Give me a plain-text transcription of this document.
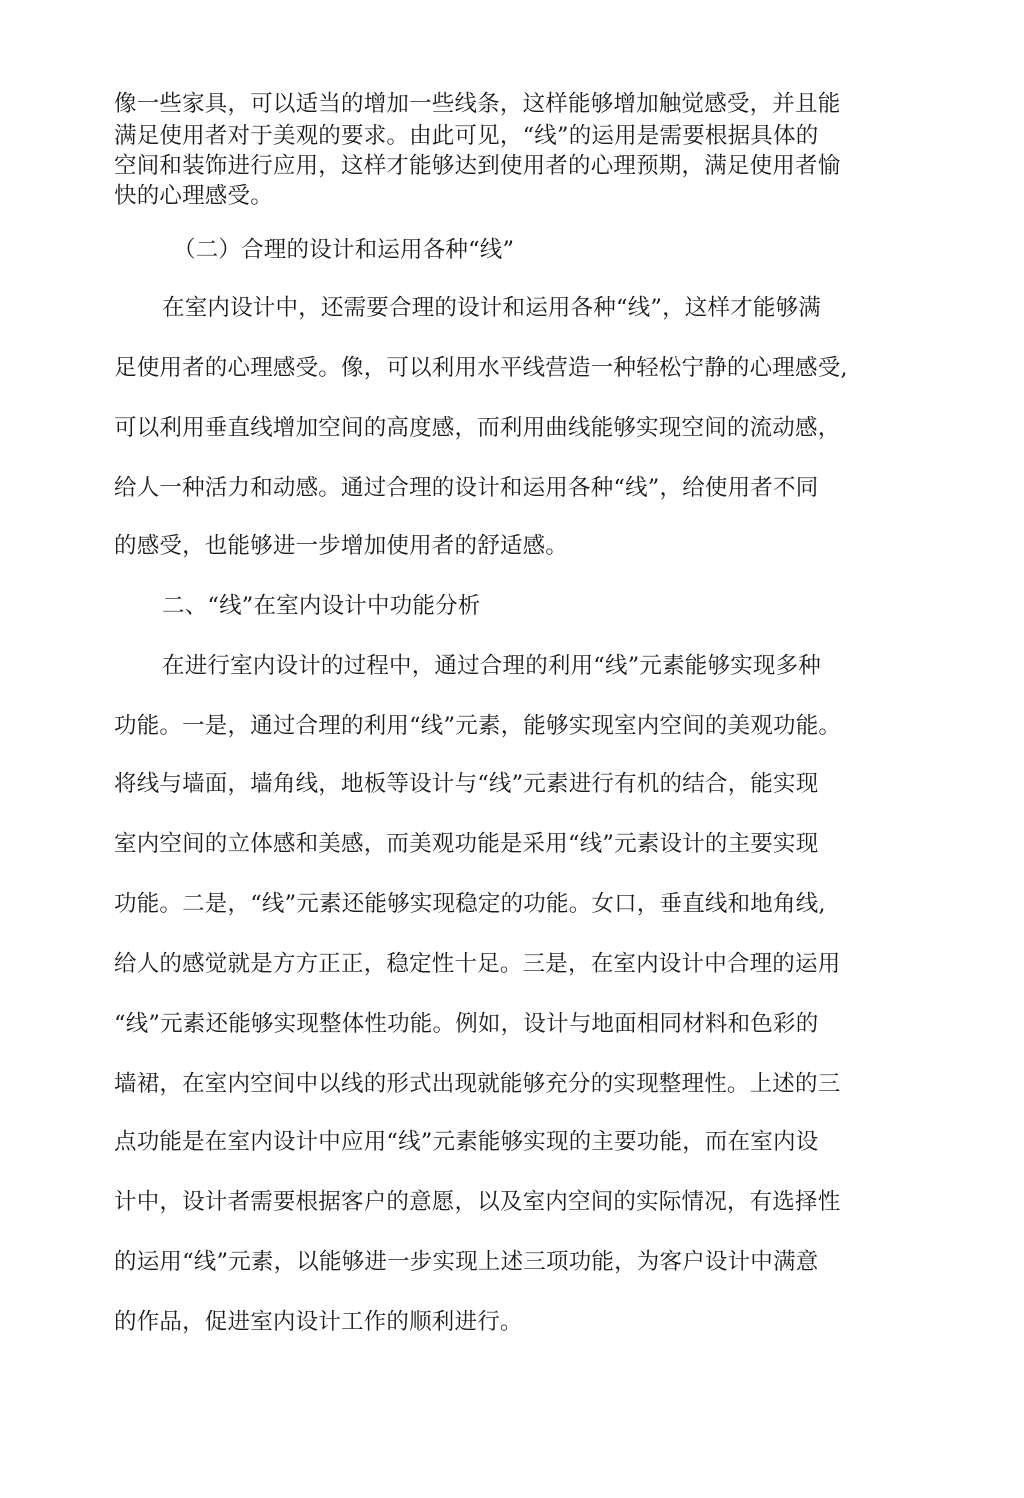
像一些家具，可以适当的增加一些线条，这样能够增加触觉感受，并且能
满足使用者对于美观的要求。由此可见，“线”的运用是需要根据具体的
空间和装饰进行应用，这样才能够达到使用者的心理预期，满足使用者愉
快的心理感受。
（二）合理的设计和运用各种“线”
在室内设计中，还需要合理的设计和运用各种“线”，这样才能够满
足使用者的心理感受。像，可以利用水平线营造一种轻松宁静的心理感受,
可以利用垂直线增加空间的高度感，而利用曲线能够实现空间的流动感，
给人一种活力和动感。通过合理的设计和运用各种“线”，给使用者不同
的感受，也能够进一步增加使用者的舒适感。
二、“线”在室内设计中功能分析
在进行室内设计的过程中，通过合理的利用“线”元素能够实现多种
功能。一是，通过合理的利用“线”元素，能够实现室内空间的美观功能。
将线与墙面，墙角线，地板等设计与“线”元素进行有机的结合，能实现
室内空间的立体感和美感，而美观功能是采用“线”元素设计的主要实现
功能。二是，“线”元素还能够实现稳定的功能。女口，垂直线和地角线,
给人的感觉就是方方正正，稳定性十足。三是，在室内设计中合理的运用
“线”元素还能够实现整体性功能。例如，设计与地面相同材料和色彩的
墙裙，在室内空间中以线的形式出现就能够充分的实现整理性。上述的三
点功能是在室内设计中应用“线”元素能够实现的主要功能，而在室内设
计中，设计者需要根据客户的意愿，以及室内空间的实际情况，有选择性
的运用“线”元素，以能够进一步实现上述三项功能，为客户设计中满意
的作品，促进室内设计工作的顺利进行。
